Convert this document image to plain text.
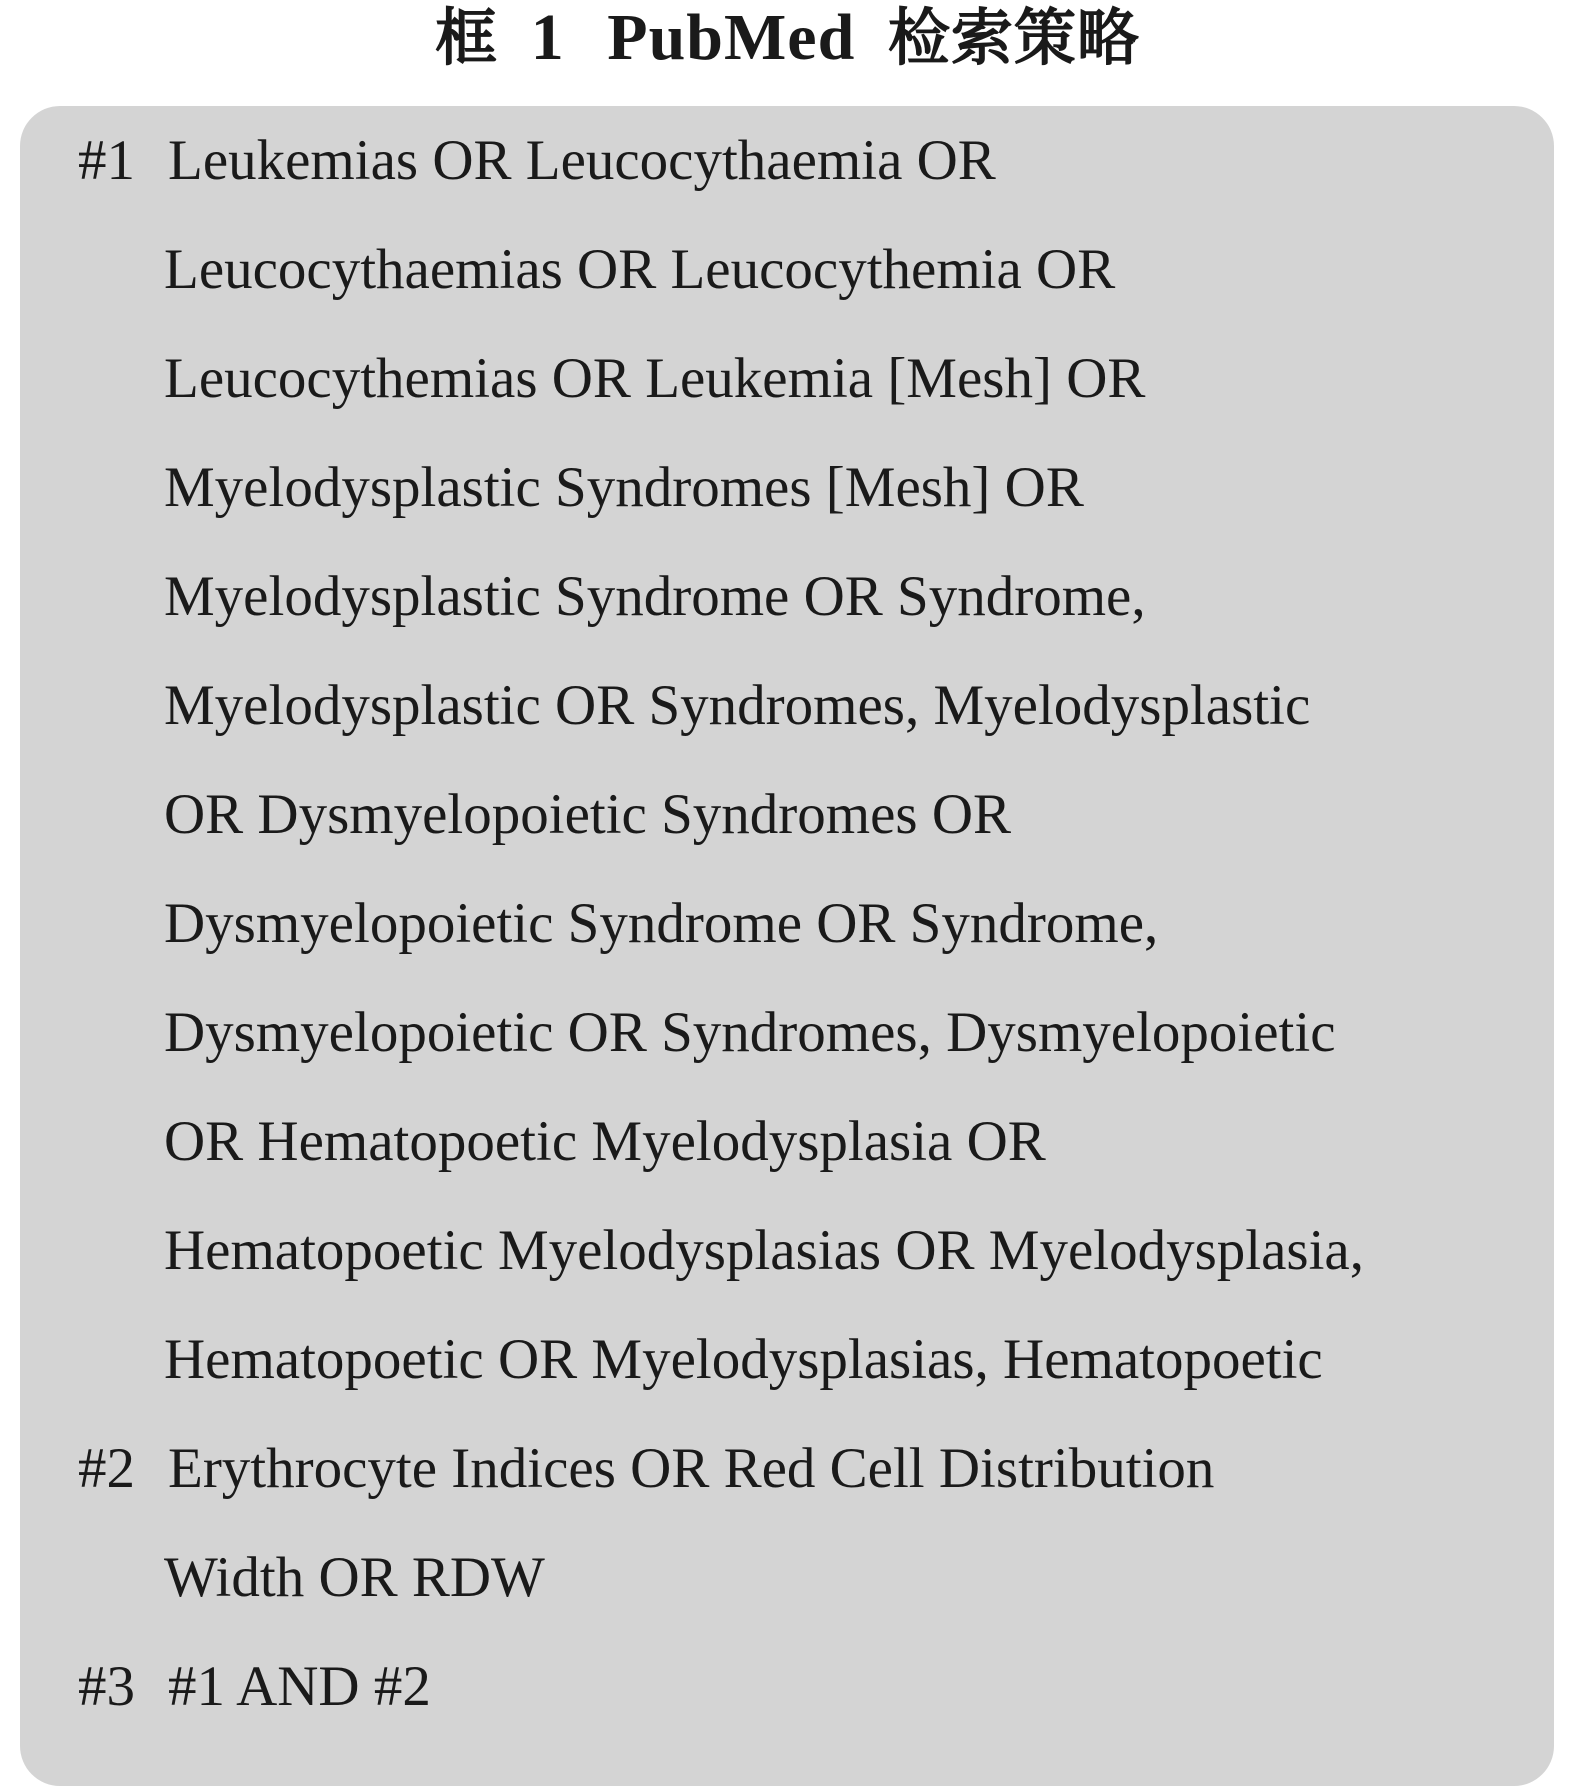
框 1 PubMed 检索策略
#1 Leukemias OR Leucocythaemia OR
Leucocythaemias OR Leucocythemia OR
Leucocythemias OR Leukemia [Mesh] OR
Myelodysplastic Syndromes [Mesh] OR
Myelodysplastic Syndrome OR Syndrome,
Myelodysplastic OR Syndromes, Myelodysplastic
OR Dysmyelopoietic Syndromes OR
Dysmyelopoietic Syndrome OR Syndrome,
Dysmyelopoietic OR Syndromes, Dysmyelopoietic
OR Hematopoetic Myelodysplasia OR
Hematopoetic Myelodysplasias OR Myelodysplasia,
Hematopoetic OR Myelodysplasias, Hematopoetic
#2 Erythrocyte Indices OR Red Cell Distribution
Width OR RDW
#3 #1 AND #2
